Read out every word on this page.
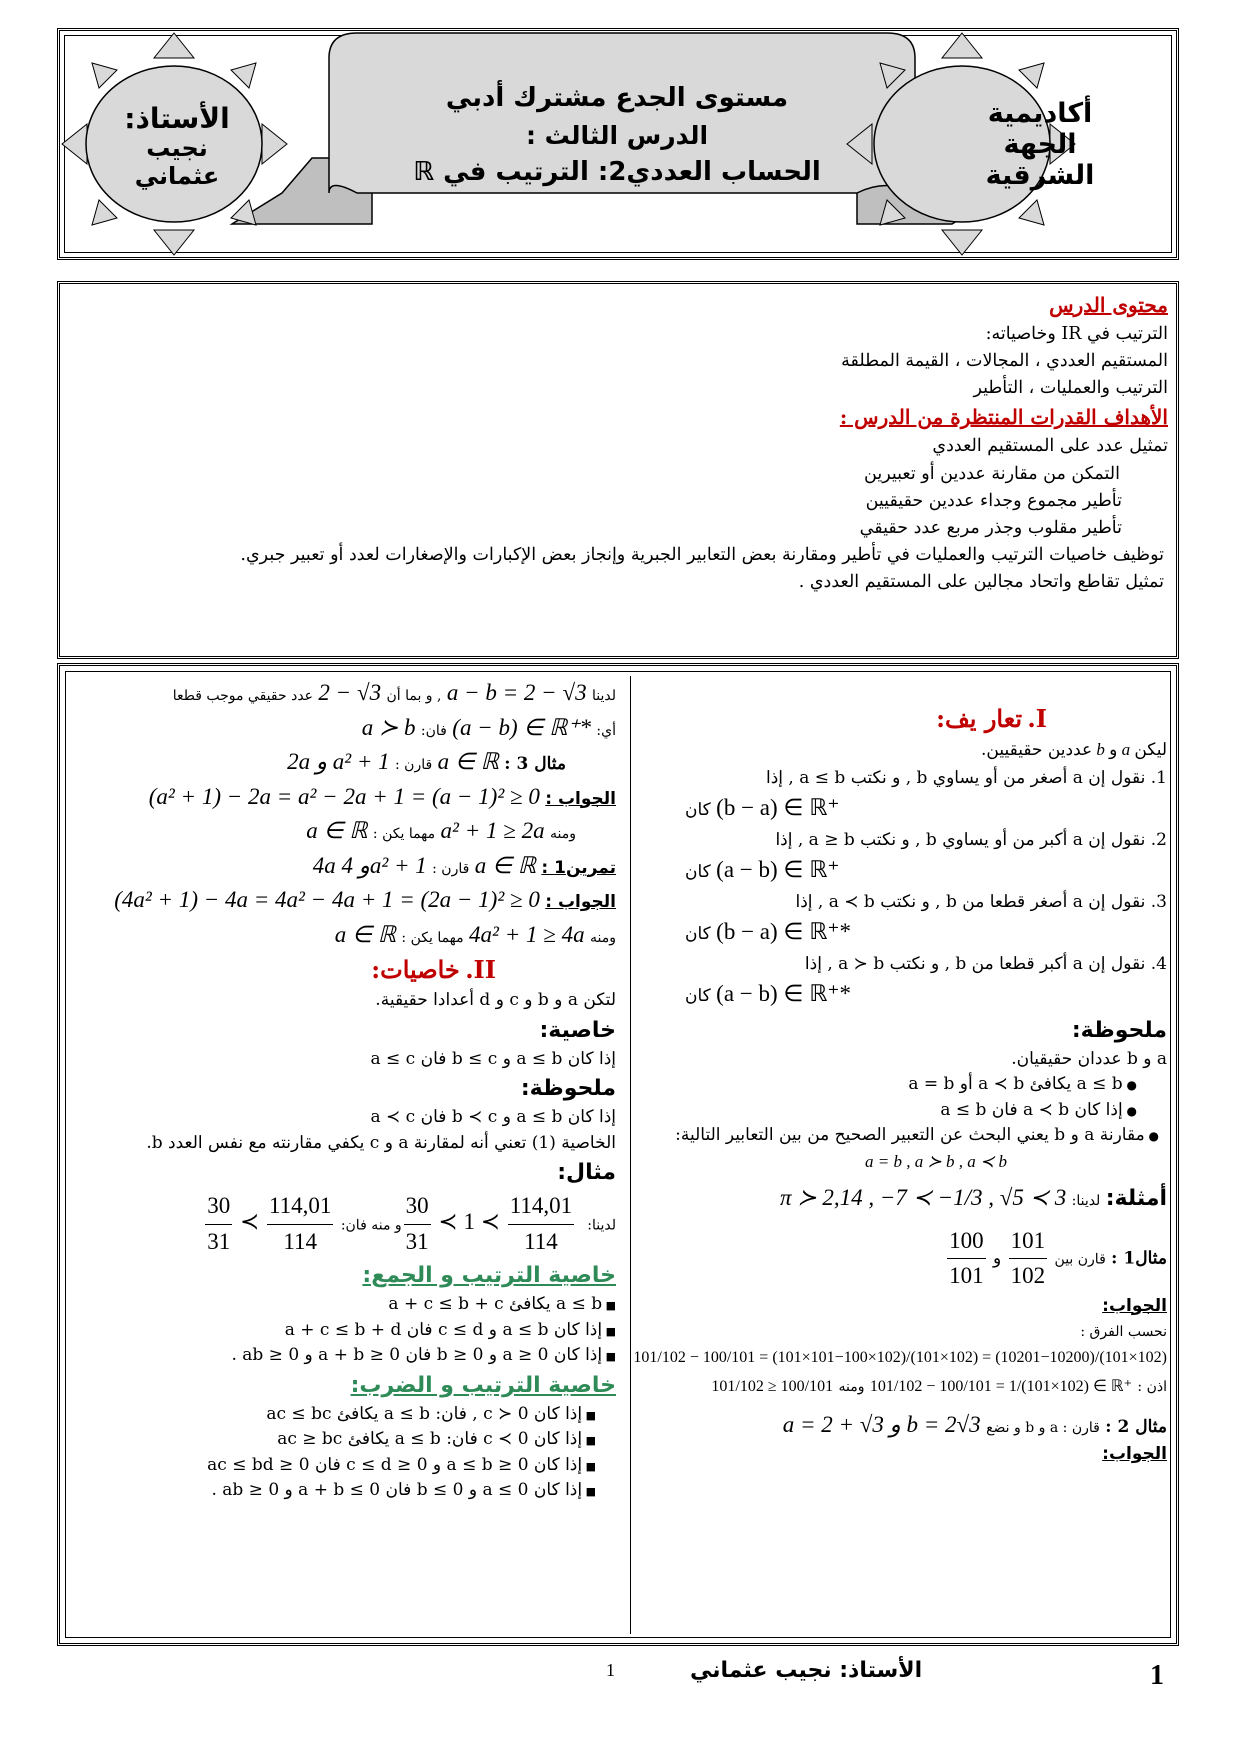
أكاديمية
الجهة
الشرقية
الأستاذ:
نجيب
عثماني
مستوى الجدع مشترك أدبي
الدرس الثالث :
الحساب العددي2: الترتيب في ℝ
محتوى الدرس
الترتيب في IR وخاصياته:
المستقيم العددي ، المجالات ، القيمة المطلقة
الترتيب والعمليات ، التأطير
الأهداف القدرات المنتظرة من الدرس :
تمثيل عدد على المستقيم العددي
التمكن من مقارنة عددين أو تعبيرين
تأطير مجموع وجداء عددين حقيقيين
تأطير مقلوب وجذر مربع عدد حقيقي
توظيف خاصيات الترتيب والعمليات في تأطير ومقارنة بعض التعابير الجبرية وإنجاز بعض الإكبارات والإصغارات لعدد أو تعبير جبري.
تمثيل تقاطع واتحاد مجالين على المستقيم العددي .
I. تعار يف:
ليكن a و b عددين حقيقيين.
1. نقول إن a أصغر من أو يساوي b , و نكتب a ≤ b , إذا
(b − a) ∈ ℝ⁺ كان
2. نقول إن a أكبر من أو يساوي b , و نكتب a ≥ b , إذا
(a − b) ∈ ℝ⁺ كان
3. نقول إن a أصغر قطعا من b , و نكتب a ≺ b , إذا
(b − a) ∈ ℝ⁺* كان
4. نقول إن a أكبر قطعا من b , و نكتب a ≻ b , إذا
(a − b) ∈ ℝ⁺* كان
ملحوظة:
a و b عددان حقيقيان.
● a ≤ b يكافئ a ≺ b أو a = b
● إذا كان a ≺ b فان a ≤ b
● مقارنة a و b يعني البحث عن التعبير الصحيح من بين التعابير التالية:
a = b , a ≻ b , a ≺ b
أمثلة: لدينا: π ≻ 2,14 , −7 ≺ −1/3 , √5 ≺ 3
مثال1 : قارن بين
$\frac{101}{102}$
و
$\frac{100}{101}$
الجواب:
نحسب الفرق : 101/102 − 100/101 = (101×101−100×102)/(101×102) = (10201−10200)/(101×102)
اذن : 101/102 − 100/101 = 1/(101×102) ∈ ℝ⁺ ومنه 101/102 ≥ 100/101
مثال 2 : قارن : a و b و نضع a = 2 + √3 و b = 2√3
الجواب:
لدينا a − b = 2 − √3 , و بما أن 2 − √3 عدد حقيقي موجب قطعا
أي: (a − b) ∈ ℝ⁺* فان: a ≻ b
مثال 3 : a ∈ ℝ قارن : 2a و a² + 1
الجواب : (a² + 1) − 2a = a² − 2a + 1 = (a − 1)² ≥ 0
ومنه a² + 1 ≥ 2a مهما يكن : a ∈ ℝ
تمرين1 : a ∈ ℝ قارن : 4a و 4a² + 1
الجواب : (4a² + 1) − 4a = 4a² − 4a + 1 = (2a − 1)² ≥ 0
ومنه 4a² + 1 ≥ 4a مهما يكن : a ∈ ℝ
II. خاصيات:
لتكن a و b و c و d أعدادا حقيقية.
خاصية:
إذا كان a ≤ b و b ≤ c فان a ≤ c
ملحوظة:
إذا كان a ≤ b و b ≺ c فان a ≺ c
الخاصية (1) تعني أنه لمقارنة a و c يكفي مقارنته مع نفس العدد b.
مثال:
لدينا:
$\frac{30}{31}$ ≺ 1 ≺ $\frac{114,01}{114}$
و منه فان:
$\frac{30}{31}$ ≺ $\frac{114,01}{114}$
خاصية الترتيب و الجمع:
■ a ≤ b يكافئ a + c ≤ b + c
■ إذا كان a ≤ b و c ≤ d فان a + c ≤ b + d
■ إذا كان a ≥ 0 و b ≥ 0 فان a + b ≥ 0 و ab ≥ 0 .
خاصية الترتيب و الضرب:
■ إذا كان c ≻ 0 , فان: a ≤ b يكافئ ac ≤ bc
■ إذا كان c ≺ 0 فان: a ≤ b يكافئ ac ≥ bc
■ إذا كان 0 ≤ a ≤ b و 0 ≤ c ≤ d فان 0 ≤ ac ≤ bd
■ إذا كان a ≤ 0 و b ≤ 0 فان a + b ≤ 0 و ab ≥ 0 .
1
الأستاذ: نجيب عثماني
1
